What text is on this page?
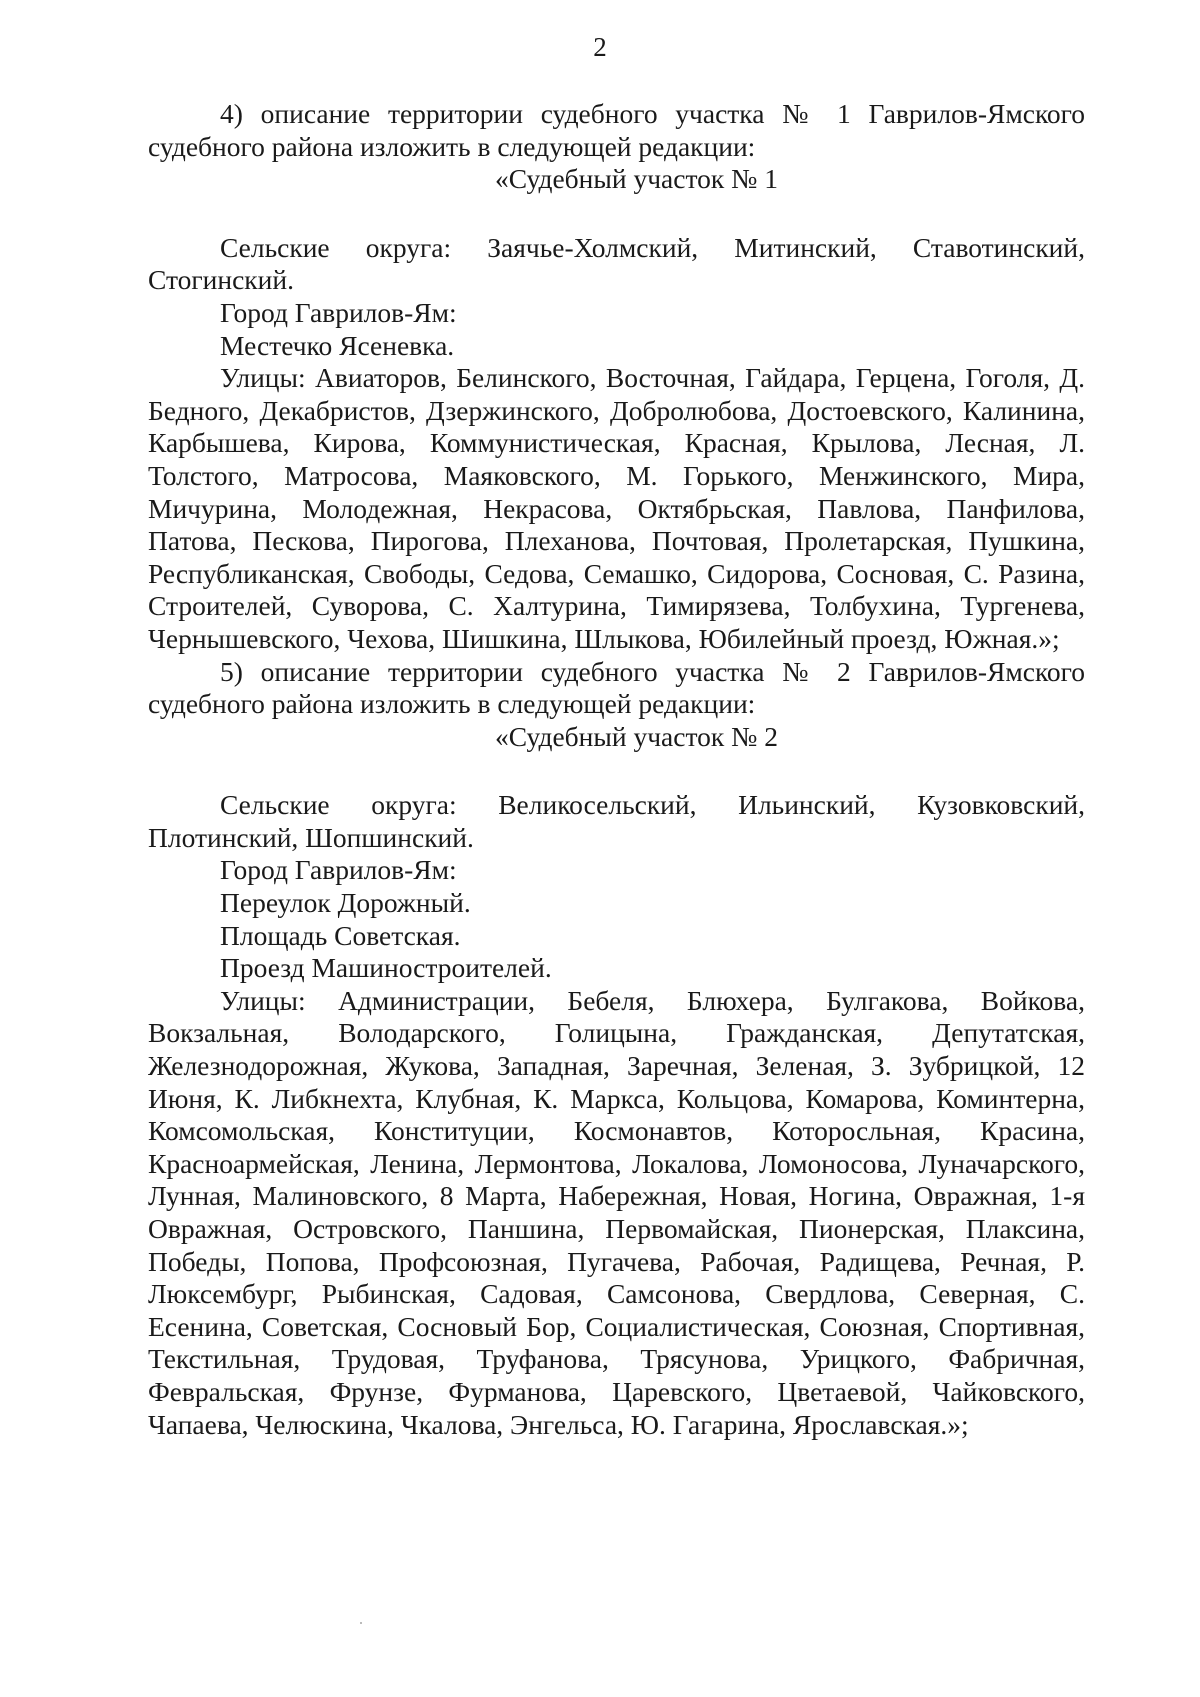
2

4) описание территории судебного участка № 1 Гаврилов-Ямского судебного района изложить в следующей редакции:

«Судебный участок № 1

Сельские округа: Заячье-Холмский, Митинский, Ставотинский, Стогинский.

Город Гаврилов-Ям:

Местечко Ясеневка.

Улицы: Авиаторов, Белинского, Восточная, Гайдара, Герцена, Гоголя, Д. Бедного, Декабристов, Дзержинского, Добролюбова, Достоевского, Калинина, Карбышева, Кирова, Коммунистическая, Красная, Крылова, Лесная, Л. Толстого, Матросова, Маяковского, М. Горького, Менжинского, Мира, Мичурина, Молодежная, Некрасова, Октябрьская, Павлова, Панфилова, Патова, Пескова, Пирогова, Плеханова, Почтовая, Пролетарская, Пушкина, Республиканская, Свободы, Седова, Семашко, Сидорова, Сосновая, С. Разина, Строителей, Суворова, С. Халтурина, Тимирязева, Толбухина, Тургенева, Чернышевского, Чехова, Шишкина, Шлыкова, Юбилейный проезд, Южная.»;

5) описание территории судебного участка № 2 Гаврилов-Ямского судебного района изложить в следующей редакции:

«Судебный участок № 2

Сельские округа: Великосельский, Ильинский, Кузовковский, Плотинский, Шопшинский.

Город Гаврилов-Ям:

Переулок Дорожный.

Площадь Советская.

Проезд Машиностроителей.

Улицы: Администрации, Бебеля, Блюхера, Булгакова, Войкова, Вокзальная, Володарского, Голицына, Гражданская, Депутатская, Железнодорожная, Жукова, Западная, Заречная, Зеленая, З. Зубрицкой, 12 Июня, К. Либкнехта, Клубная, К. Маркса, Кольцова, Комарова, Коминтерна, Комсомольская, Конституции, Космонавтов, Которосльная, Красина, Красноармейская, Ленина, Лермонтова, Локалова, Ломоносова, Луначарского, Лунная, Малиновского, 8 Марта, Набережная, Новая, Ногина, Овражная, 1-я Овражная, Островского, Паншина, Первомайская, Пионерская, Плаксина, Победы, Попова, Профсоюзная, Пугачева, Рабочая, Радищева, Речная, Р. Люксембург, Рыбинская, Садовая, Самсонова, Свердлова, Северная, С. Есенина, Советская, Сосновый Бор, Социалистическая, Союзная, Спортивная, Текстильная, Трудовая, Труфанова, Трясунова, Урицкого, Фабричная, Февральская, Фрунзе, Фурманова, Царевского, Цветаевой, Чайковского, Чапаева, Челюскина, Чкалова, Энгельса, Ю. Гагарина, Ярославская.»;
